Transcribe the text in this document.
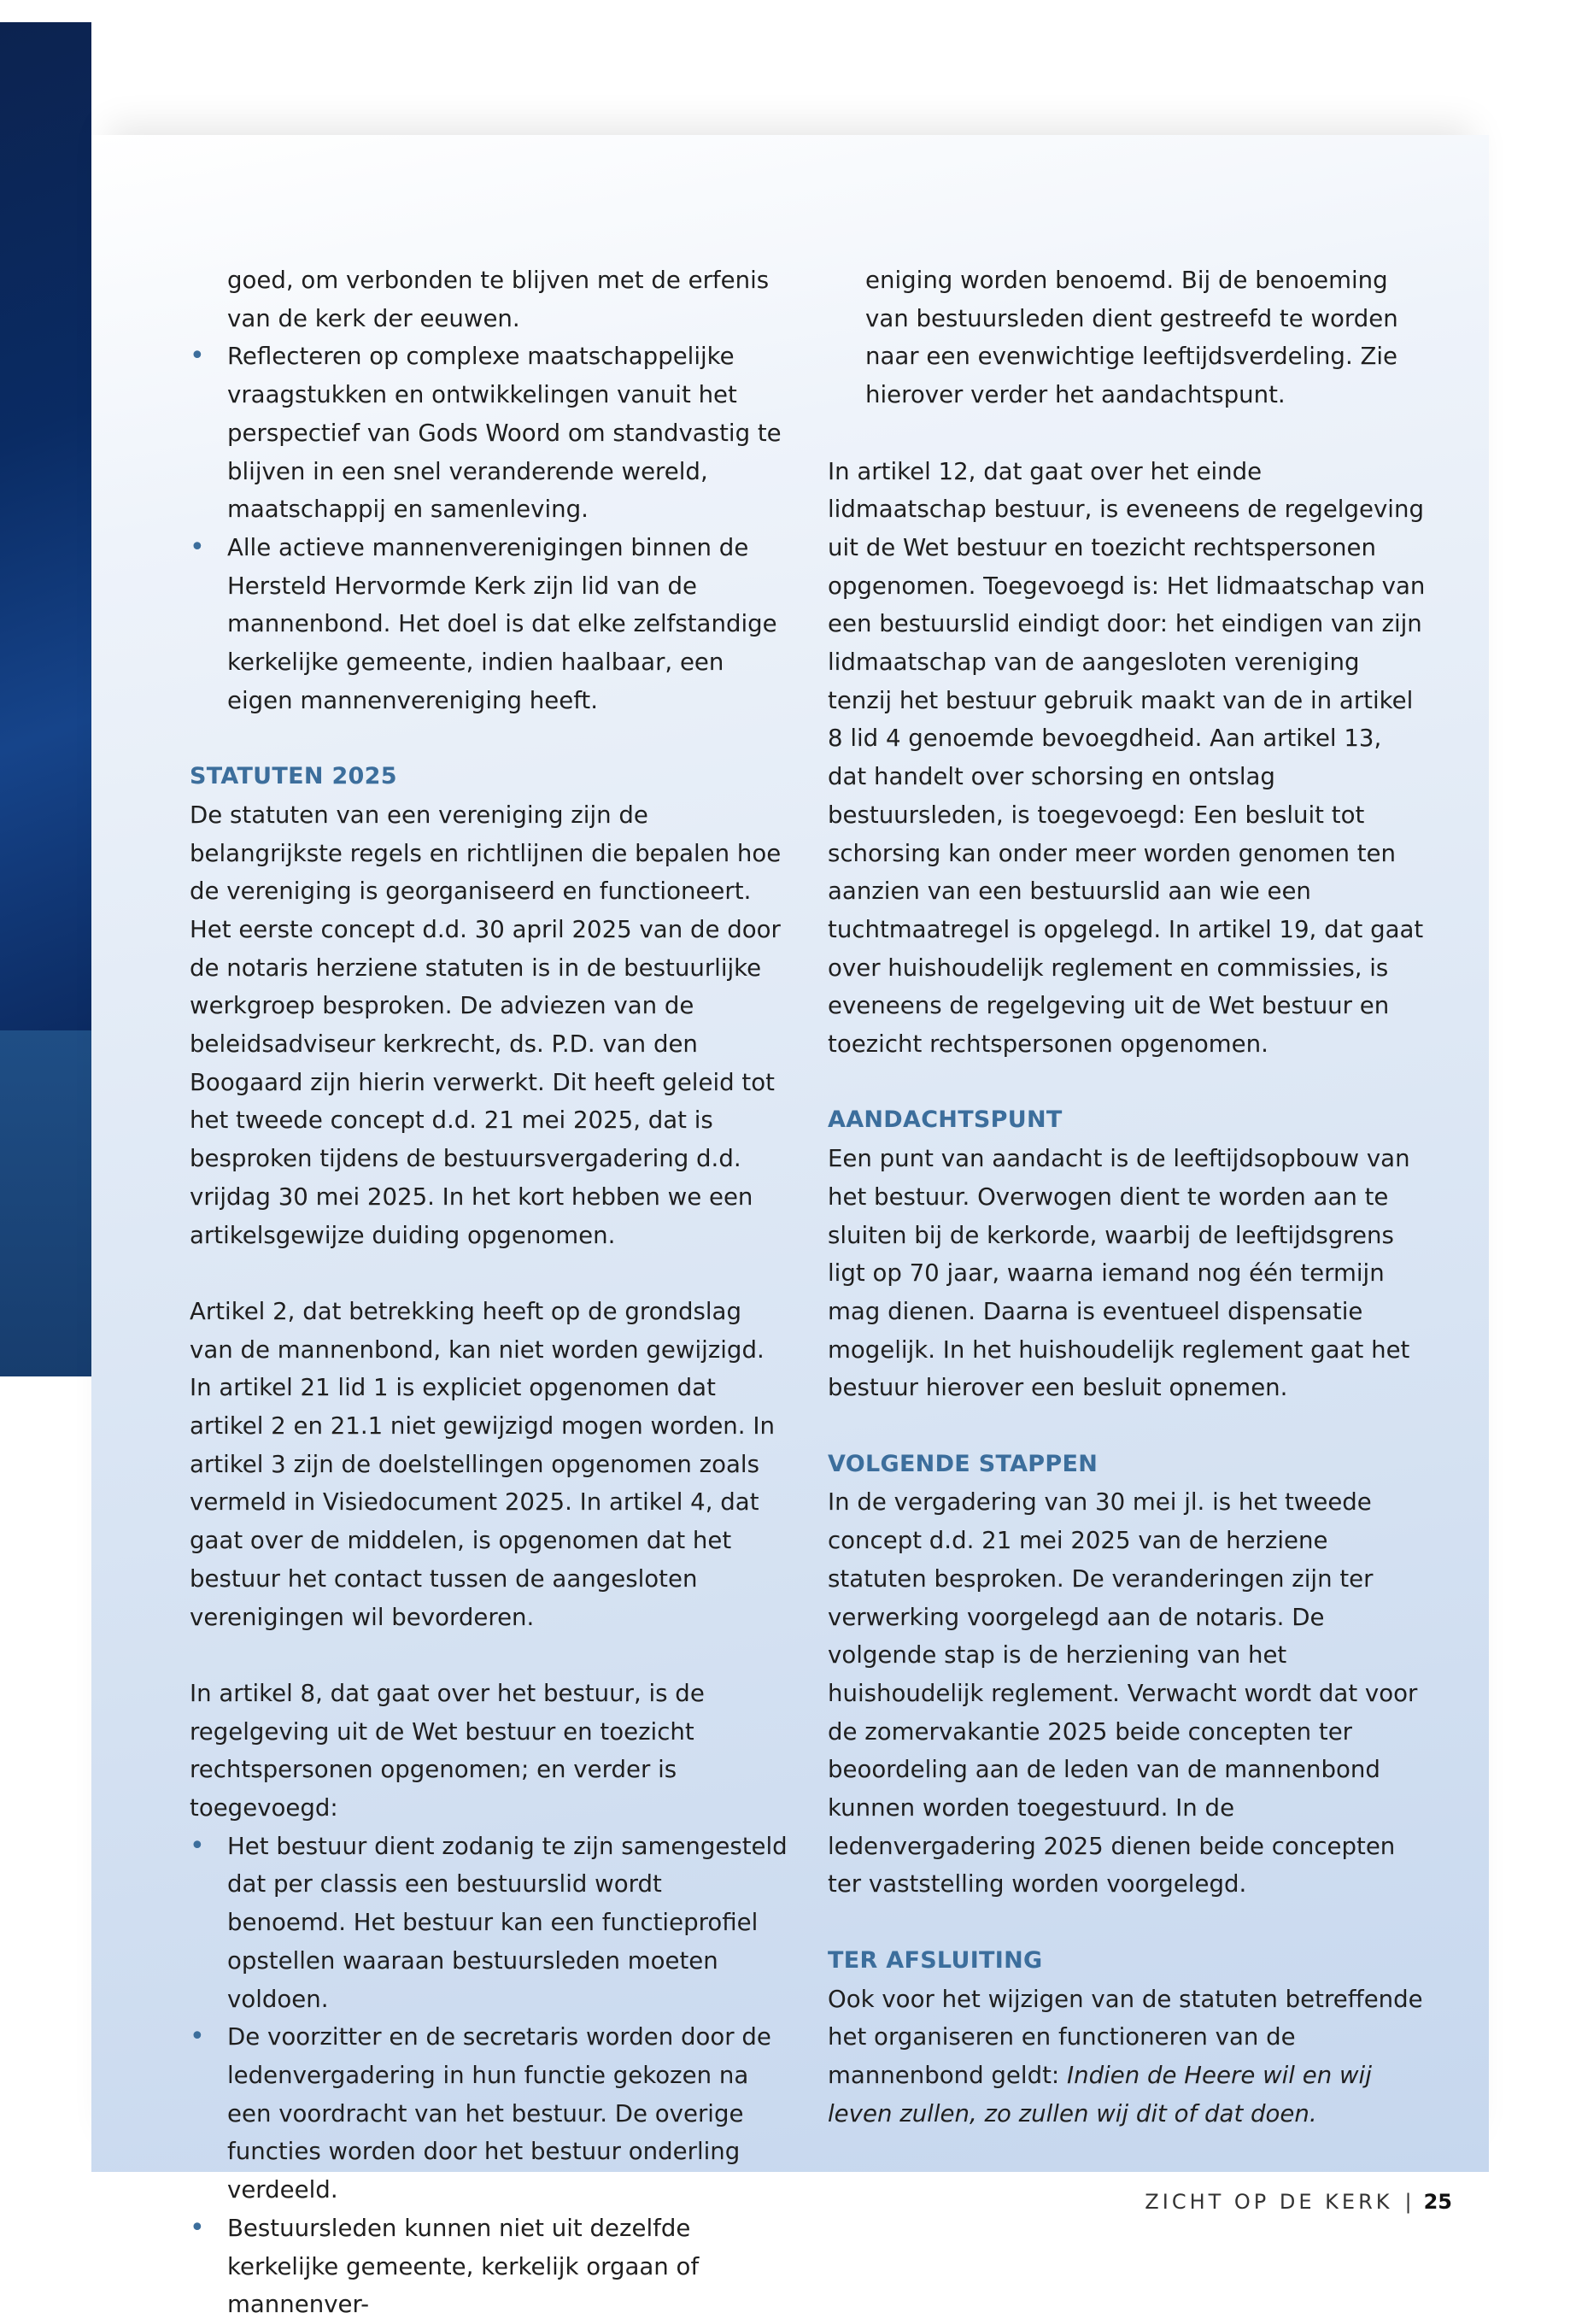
goed, om verbonden te blijven met de erfenis van de kerk der eeuwen.

• Reflecteren op complexe maatschappelijke vraagstukken en ontwikkelingen vanuit het perspectief van Gods Woord om standvastig te blijven in een snel veranderende wereld, maatschappij en samenleving.
• Alle actieve mannenverenigingen binnen de Hersteld Hervormde Kerk zijn lid van de mannenbond. Het doel is dat elke zelfstandige kerkelijke gemeente, indien haalbaar, een eigen mannenvereniging heeft.
STATUTEN 2025

De statuten van een vereniging zijn de belangrijkste regels en richtlijnen die bepalen hoe de vereniging is georganiseerd en functioneert. Het eerste concept d.d. 30 april 2025 van de door de notaris herziene statuten is in de bestuurlijke werkgroep besproken. De adviezen van de beleidsadviseur kerkrecht, ds. P.D. van den Boogaard zijn hierin verwerkt. Dit heeft geleid tot het tweede concept d.d. 21 mei 2025, dat is besproken tijdens de bestuursvergadering d.d. vrijdag 30 mei 2025. In het kort hebben we een artikelsgewijze duiding opgenomen.

Artikel 2, dat betrekking heeft op de grondslag van de mannenbond, kan niet worden gewijzigd. In artikel 21 lid 1 is expliciet opgenomen dat artikel 2 en 21.1 niet gewijzigd mogen worden. In artikel 3 zijn de doelstellingen opgenomen zoals vermeld in Visiedocument 2025. In artikel 4, dat gaat over de middelen, is opgenomen dat het bestuur het contact tussen de aangesloten verenigingen wil bevorderen.

In artikel 8, dat gaat over het bestuur, is de regelgeving uit de Wet bestuur en toezicht rechtspersonen opgenomen; en verder is toegevoegd:

• Het bestuur dient zodanig te zijn samengesteld dat per classis een bestuurslid wordt benoemd. Het bestuur kan een functieprofiel opstellen waaraan bestuursleden moeten voldoen.
• De voorzitter en de secretaris worden door de ledenvergadering in hun functie gekozen na een voordracht van het bestuur. De overige functies worden door het bestuur onderling verdeeld.
• Bestuursleden kunnen niet uit dezelfde kerkelijke gemeente, kerkelijk orgaan of mannenver-

eniging worden benoemd. Bij de benoeming van bestuursleden dient gestreefd te worden naar een evenwichtige leeftijdsverdeling. Zie hierover verder het aandachtspunt.

In artikel 12, dat gaat over het einde lidmaatschap bestuur, is eveneens de regelgeving uit de Wet bestuur en toezicht rechtspersonen opgenomen. Toegevoegd is: Het lidmaatschap van een bestuurslid eindigt door: het eindigen van zijn lidmaatschap van de aangesloten vereniging tenzij het bestuur gebruik maakt van de in artikel 8 lid 4 genoemde bevoegdheid. Aan artikel 13, dat handelt over schorsing en ontslag bestuursleden, is toegevoegd: Een besluit tot schorsing kan onder meer worden genomen ten aanzien van een bestuurslid aan wie een tuchtmaatregel is opgelegd. In artikel 19, dat gaat over huishoudelijk reglement en commissies, is eveneens de regelgeving uit de Wet bestuur en toezicht rechtspersonen opgenomen.

AANDACHTSPUNT

Een punt van aandacht is de leeftijdsopbouw van het bestuur. Overwogen dient te worden aan te sluiten bij de kerkorde, waarbij de leeftijdsgrens ligt op 70 jaar, waarna iemand nog één termijn mag dienen. Daarna is eventueel dispensatie mogelijk. In het huishoudelijk reglement gaat het bestuur hierover een besluit opnemen.

VOLGENDE STAPPEN

In de vergadering van 30 mei jl. is het tweede concept d.d. 21 mei 2025 van de herziene statuten besproken. De veranderingen zijn ter verwerking voorgelegd aan de notaris. De volgende stap is de herziening van het huishoudelijk reglement. Verwacht wordt dat voor de zomervakantie 2025 beide concepten ter beoordeling aan de leden van de mannenbond kunnen worden toegestuurd. In de ledenvergadering 2025 dienen beide concepten ter vaststelling worden voorgelegd.

TER AFSLUITING

Ook voor het wijzigen van de statuten betreffende het organiseren en functioneren van de mannenbond geldt: Indien de Heere wil en wij leven zullen, zo zullen wij dit of dat doen.

ZICHT OP DE KERK | 25
